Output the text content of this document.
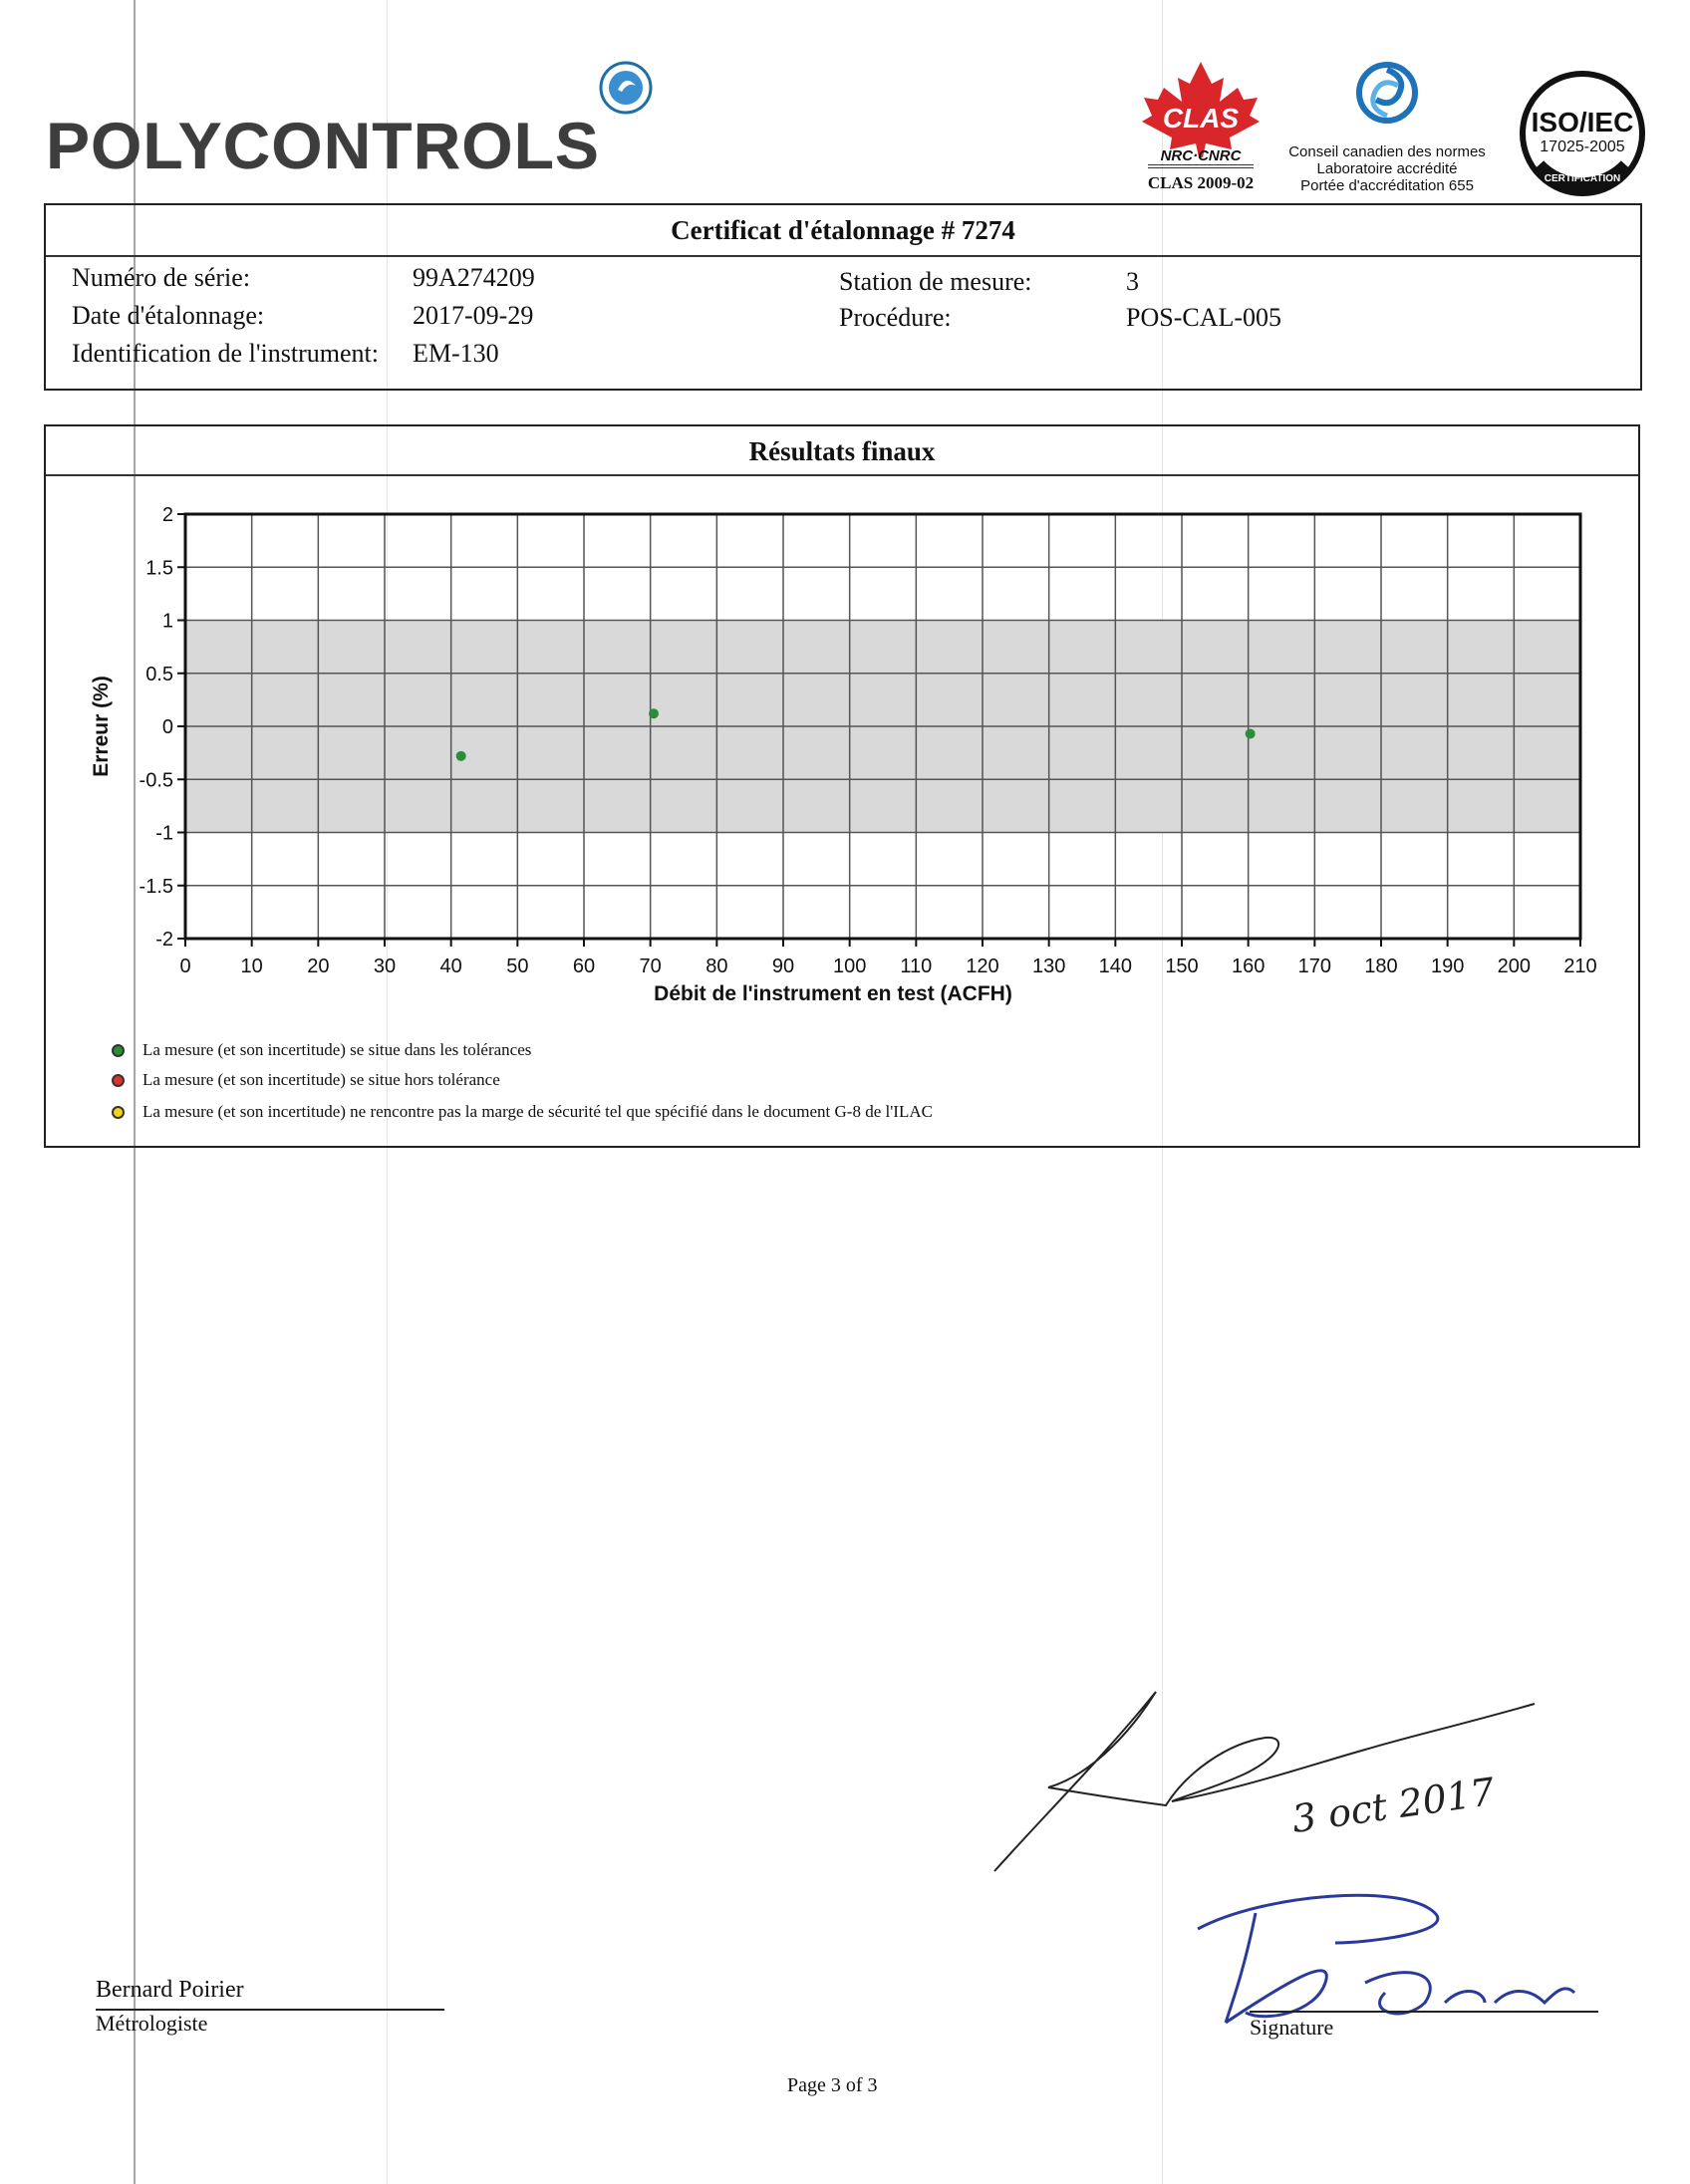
POLYCONTROLS	CLAS
NRC·CNRC
CLAS 2009-02
Conseil canadien des normes
Laboratoire accrédité
Portée d'accréditation 655
ISO/IEC
17025-2005
CERTIFICATION
Certificat d'étalonnage # 7274
Numéro de série:	99A274209
Date d'étalonnage:	2017-09-29
Identification de l'instrument: EM-130
Station de mesure:	3
Procédure:	POS-CAL-005
Résultats finaux
0 10 20 30 40 50 60 70 80 90 100 110 120 130 140 150 160 170 180 190 200 210
2
1.5
1
0.5
0
-0.5
-1
-1.5
-2
Débit de l'instrument en test (ACFH)
Erreur (%)
La mesure (et son incertitude) se situe dans les tolérances
La mesure (et son incertitude) se situe hors tolérance
La mesure (et son incertitude) ne rencontre pas la marge de sécurité tel que spécifié dans le document G-8 de l'ILAC
3 oct 2017
Bernard Poirier
Métrologiste	Signature
Page 3 of 3
